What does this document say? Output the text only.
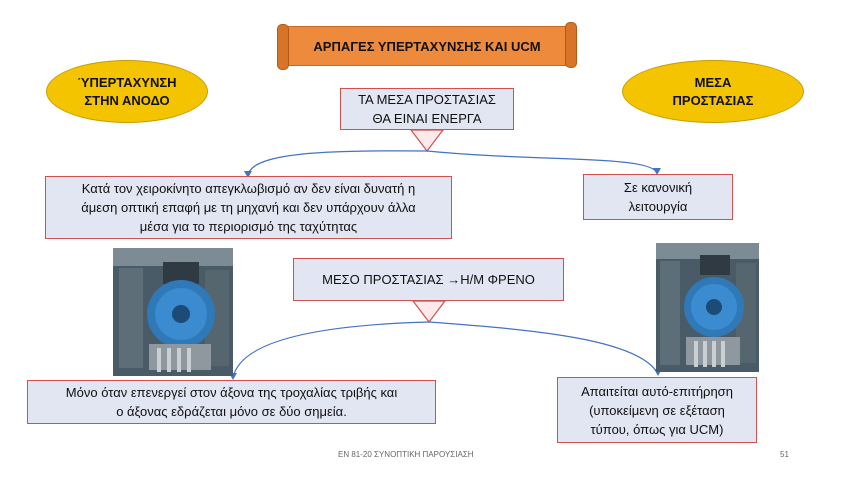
ΑΡΠΑΓΕΣ ΥΠΕΡΤΑΧΥΝΣΗΣ ΚΑΙ UCM
ΎΠΕΡΤΑΧΥΝΣΗ
ΣΤΗΝ ΑΝΟΔΟ
ΜΕΣΑ
ΠΡΟΣΤΑΣΙΑΣ
ΤΑ ΜΕΣΑ ΠΡΟΣΤΑΣΙΑΣ
ΘΑ ΕΙΝΑΙ ΕΝΕΡΓΑ
Κατά τον χειροκίνητο απεγκλωβισμό αν δεν είναι δυνατή η
άμεση οπτική επαφή με τη μηχανή και δεν υπάρχουν άλλα
μέσα για το περιορισμό της ταχύτητας
Σε κανονική
λειτουργία
ΜΕΣΟ ΠΡΟΣΤΑΣΙΑΣ →Η/Μ ΦΡΕΝΟ
Μόνο όταν επενεργεί στον άξονα της τροχαλίας τριβής και
ο άξονας εδράζεται μόνο σε δύο σημεία.
Απαιτείται αυτό-επιτήρηση
(υποκείμενη σε εξέταση
τύπου, όπως για UCM)
ΕΝ 81-20 ΣΥΝΟΠΤΙΚΗ ΠΑΡΟΥΣΙΑΣΗ	51
